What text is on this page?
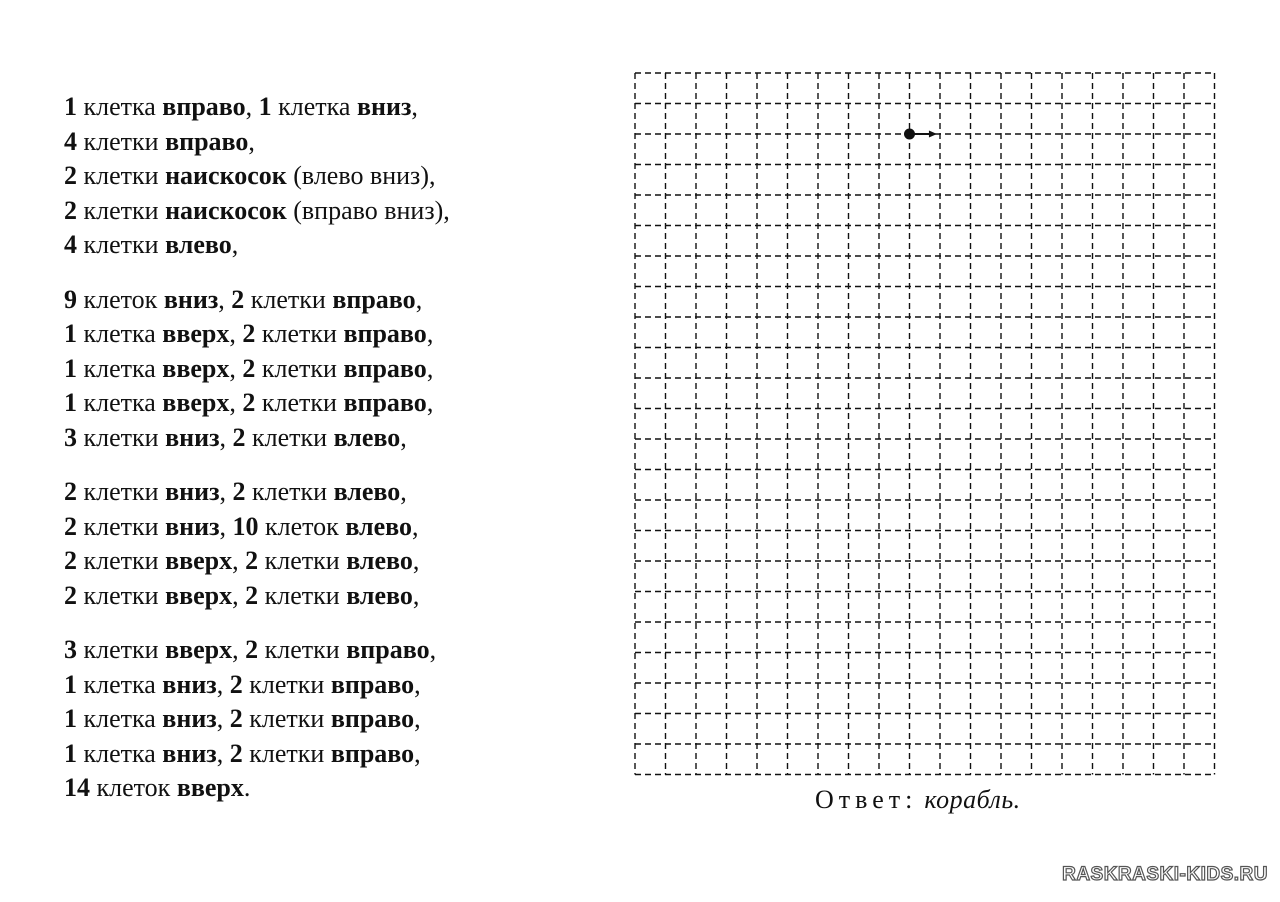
1 клетка вправо, 1 клетка вниз,
4 клетки вправо,
2 клетки наискосок (влево вниз),
2 клетки наискосок (вправо вниз),
4 клетки влево,
9 клеток вниз, 2 клетки вправо,
1 клетка вверх, 2 клетки вправо,
1 клетка вверх, 2 клетки вправо,
1 клетка вверх, 2 клетки вправо,
3 клетки вниз, 2 клетки влево,
2 клетки вниз, 2 клетки влево,
2 клетки вниз, 10 клеток влево,
2 клетки вверх, 2 клетки влево,
2 клетки вверх, 2 клетки влево,
3 клетки вверх, 2 клетки вправо,
1 клетка вниз, 2 клетки вправо,
1 клетка вниз, 2 клетки вправо,
1 клетка вниз, 2 клетки вправо,
14 клеток вверх.	Ответ: корабль.
RASKRASKI-KIDS.RU
